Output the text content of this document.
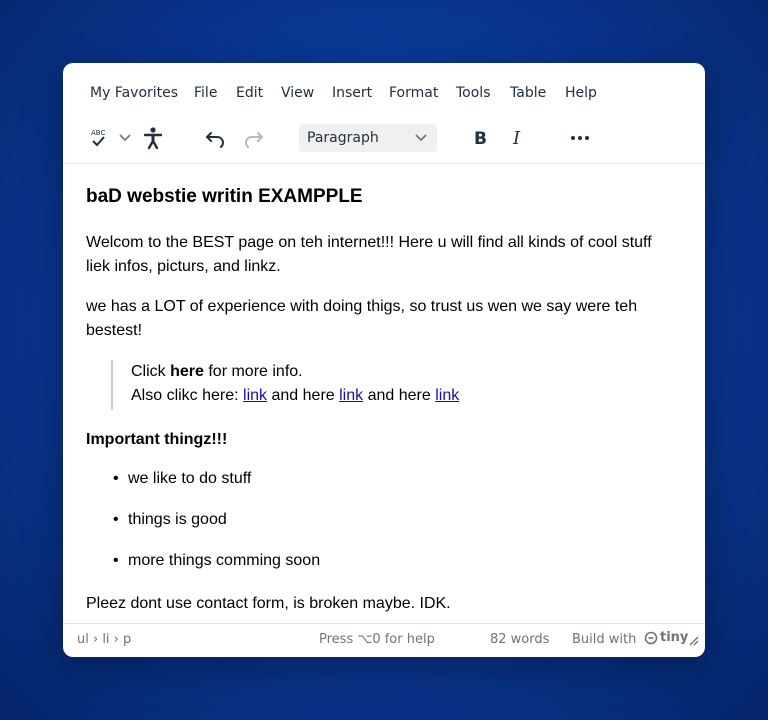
My Favorites File Edit View Insert Format Tools Table Help
ABC	Paragraph	B I
baD webstie writin EXAMPPLE

Welcom to the BEST page on teh internet!!! Here u will find all kinds of cool stuff liek infos, picturs, and linkz.

we has a LOT of experience with doing thigs, so trust us wen we say were teh bestest!

Click here for more info.
Also clikc here: link and here link and here link

Important thingz!!!

• we like to do stuff
• things is good
• more things comming soon

Pleez dont use contact form, is broken maybe. IDK.

ul › li › p	Press ⌥0 for help	82 words Build with tiny
